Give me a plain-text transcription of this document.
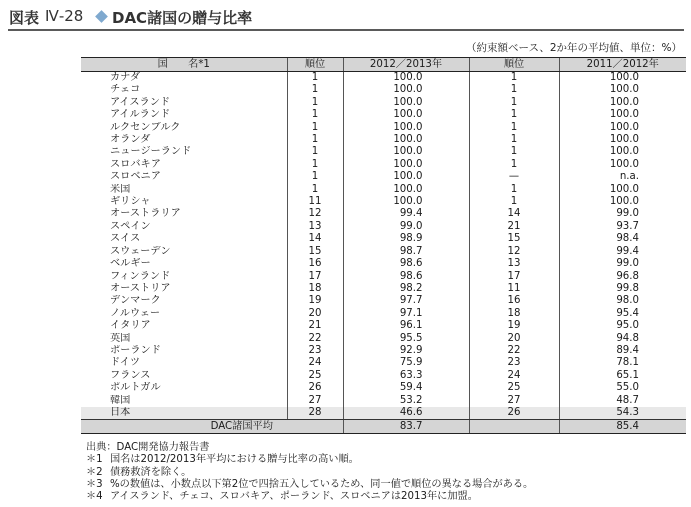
図表 Ⅳ-28 DAC諸国の贈与比率
（約束額ベース、2か年の平均値、単位：%）
国　　名*1	順位	2012／2013年	順位	2011／2012年
カナダ	1	100.0	1	100.0
チェコ	1	100.0	1	100.0
アイスランド	1	100.0	1	100.0
アイルランド	1	100.0	1	100.0
ルクセンブルク	1	100.0	1	100.0
オランダ	1	100.0	1	100.0
ニュージーランド	1	100.0	1	100.0
スロバキア	1	100.0	1	100.0
スロベニア	1	100.0	—	n.a.
米国	1	100.0	1	100.0
ギリシャ	11	100.0	1	100.0
オーストラリア	12	99.4	14	99.0
スペイン	13	99.0	21	93.7
スイス	14	98.9	15	98.4
スウェーデン	15	98.7	12	99.4
ベルギー	16	98.6	13	99.0
フィンランド	17	98.6	17	96.8
オーストリア	18	98.2	11	99.8
デンマーク	19	97.7	16	98.0
ノルウェー	20	97.1	18	95.4
イタリア	21	96.1	19	95.0
英国	22	95.5	20	94.8
ポーランド	23	92.9	22	89.4
ドイツ	24	75.9	23	78.1
フランス	25	63.3	24	65.1
ポルトガル	26	59.4	25	55.0
韓国	27	53.2	27	48.7
日本	28	46.6	26	54.3
DAC諸国平均		83.7		85.4
出典：DAC開発協力報告書
＊1 国名は2012/2013年平均における贈与比率の高い順。
＊2 債務救済を除く。
＊3 %の数値は、小数点以下第2位で四捨五入しているため、同一値で順位の異なる場合がある。
＊4 アイスランド、チェコ、スロバキア、ポーランド、スロベニアは2013年に加盟。
